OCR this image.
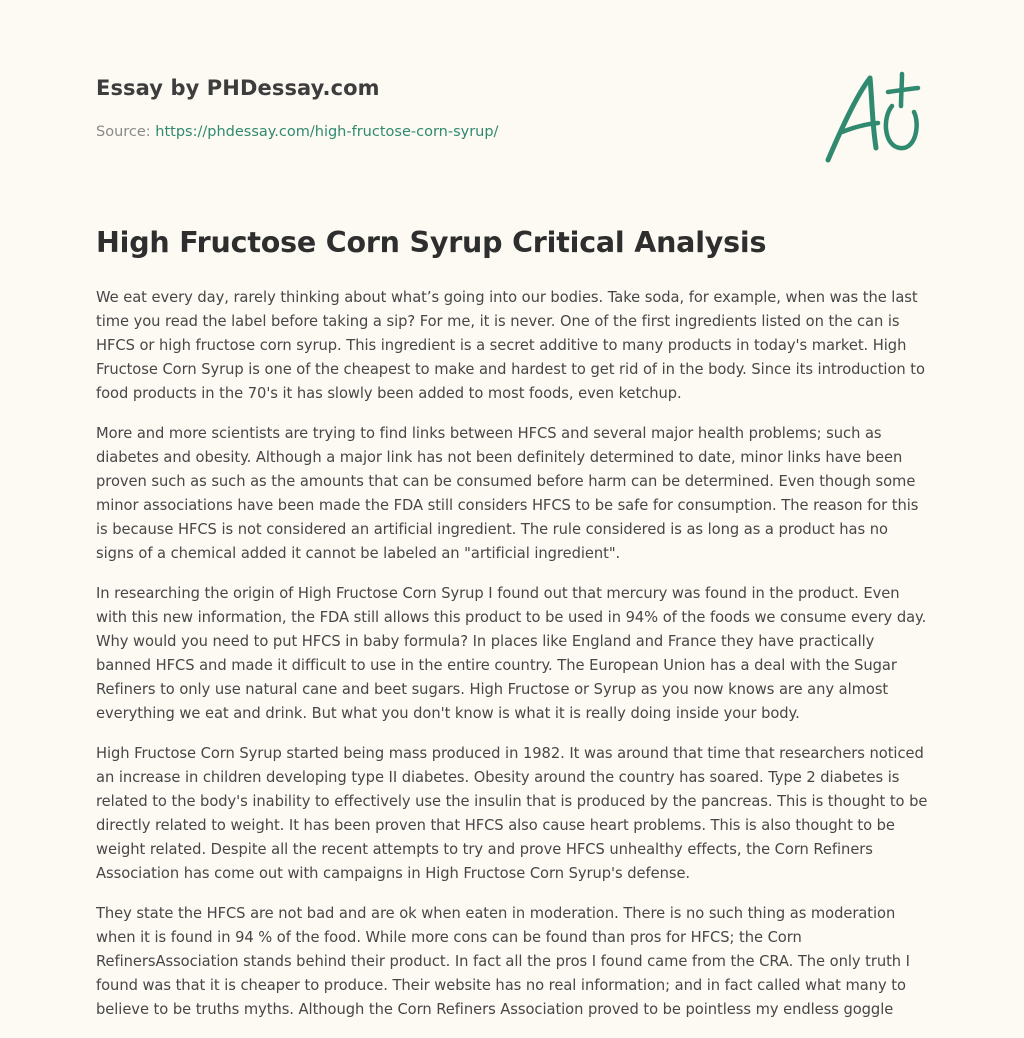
Essay by PHDessay.com
Source: https://phdessay.com/high-fructose-corn-syrup/
High Fructose Corn Syrup Critical Analysis

We eat every day, rarely thinking about what’s going into our bodies. Take soda, for example, when was the last time you read the label before taking a sip? For me, it is never. One of the first ingredients listed on the can is HFCS or high fructose corn syrup. This ingredient is a secret additive to many products in today's market. High Fructose Corn Syrup is one of the cheapest to make and hardest to get rid of in the body. Since its introduction to food products in the 70's it has slowly been added to most foods, even ketchup.

More and more scientists are trying to find links between HFCS and several major health problems; such as diabetes and obesity. Although a major link has not been definitely determined to date, minor links have been proven such as such as the amounts that can be consumed before harm can be determined. Even though some minor associations have been made the FDA still considers HFCS to be safe for consumption. The reason for this is because HFCS is not considered an artificial ingredient. The rule considered is as long as a product has no signs of a chemical added it cannot be labeled an "artificial ingredient".

In researching the origin of High Fructose Corn Syrup I found out that mercury was found in the product. Even with this new information, the FDA still allows this product to be used in 94% of the foods we consume every day. Why would you need to put HFCS in baby formula? In places like England and France they have practically banned HFCS and made it difficult to use in the entire country. The European Union has a deal with the Sugar Refiners to only use natural cane and beet sugars. High Fructose or Syrup as you now knows are any almost everything we eat and drink. But what you don't know is what it is really doing inside your body.

High Fructose Corn Syrup started being mass produced in 1982. It was around that time that researchers noticed an increase in children developing type II diabetes. Obesity around the country has soared. Type 2 diabetes is related to the body's inability to effectively use the insulin that is produced by the pancreas. This is thought to be directly related to weight. It has been proven that HFCS also cause heart problems. This is also thought to be weight related. Despite all the recent attempts to try and prove HFCS unhealthy effects, the Corn Refiners Association has come out with campaigns in High Fructose Corn Syrup's defense.

They state the HFCS are not bad and are ok when eaten in moderation. There is no such thing as moderation when it is found in 94 % of the food. While more cons can be found than pros for HFCS; the Corn RefinersAssociation stands behind their product. In fact all the pros I found came from the CRA. The only truth I found was that it is cheaper to produce. Their website has no real information; and in fact called what many to believe to be truths myths. Although the Corn Refiners Association proved to be pointless my endless goggle
